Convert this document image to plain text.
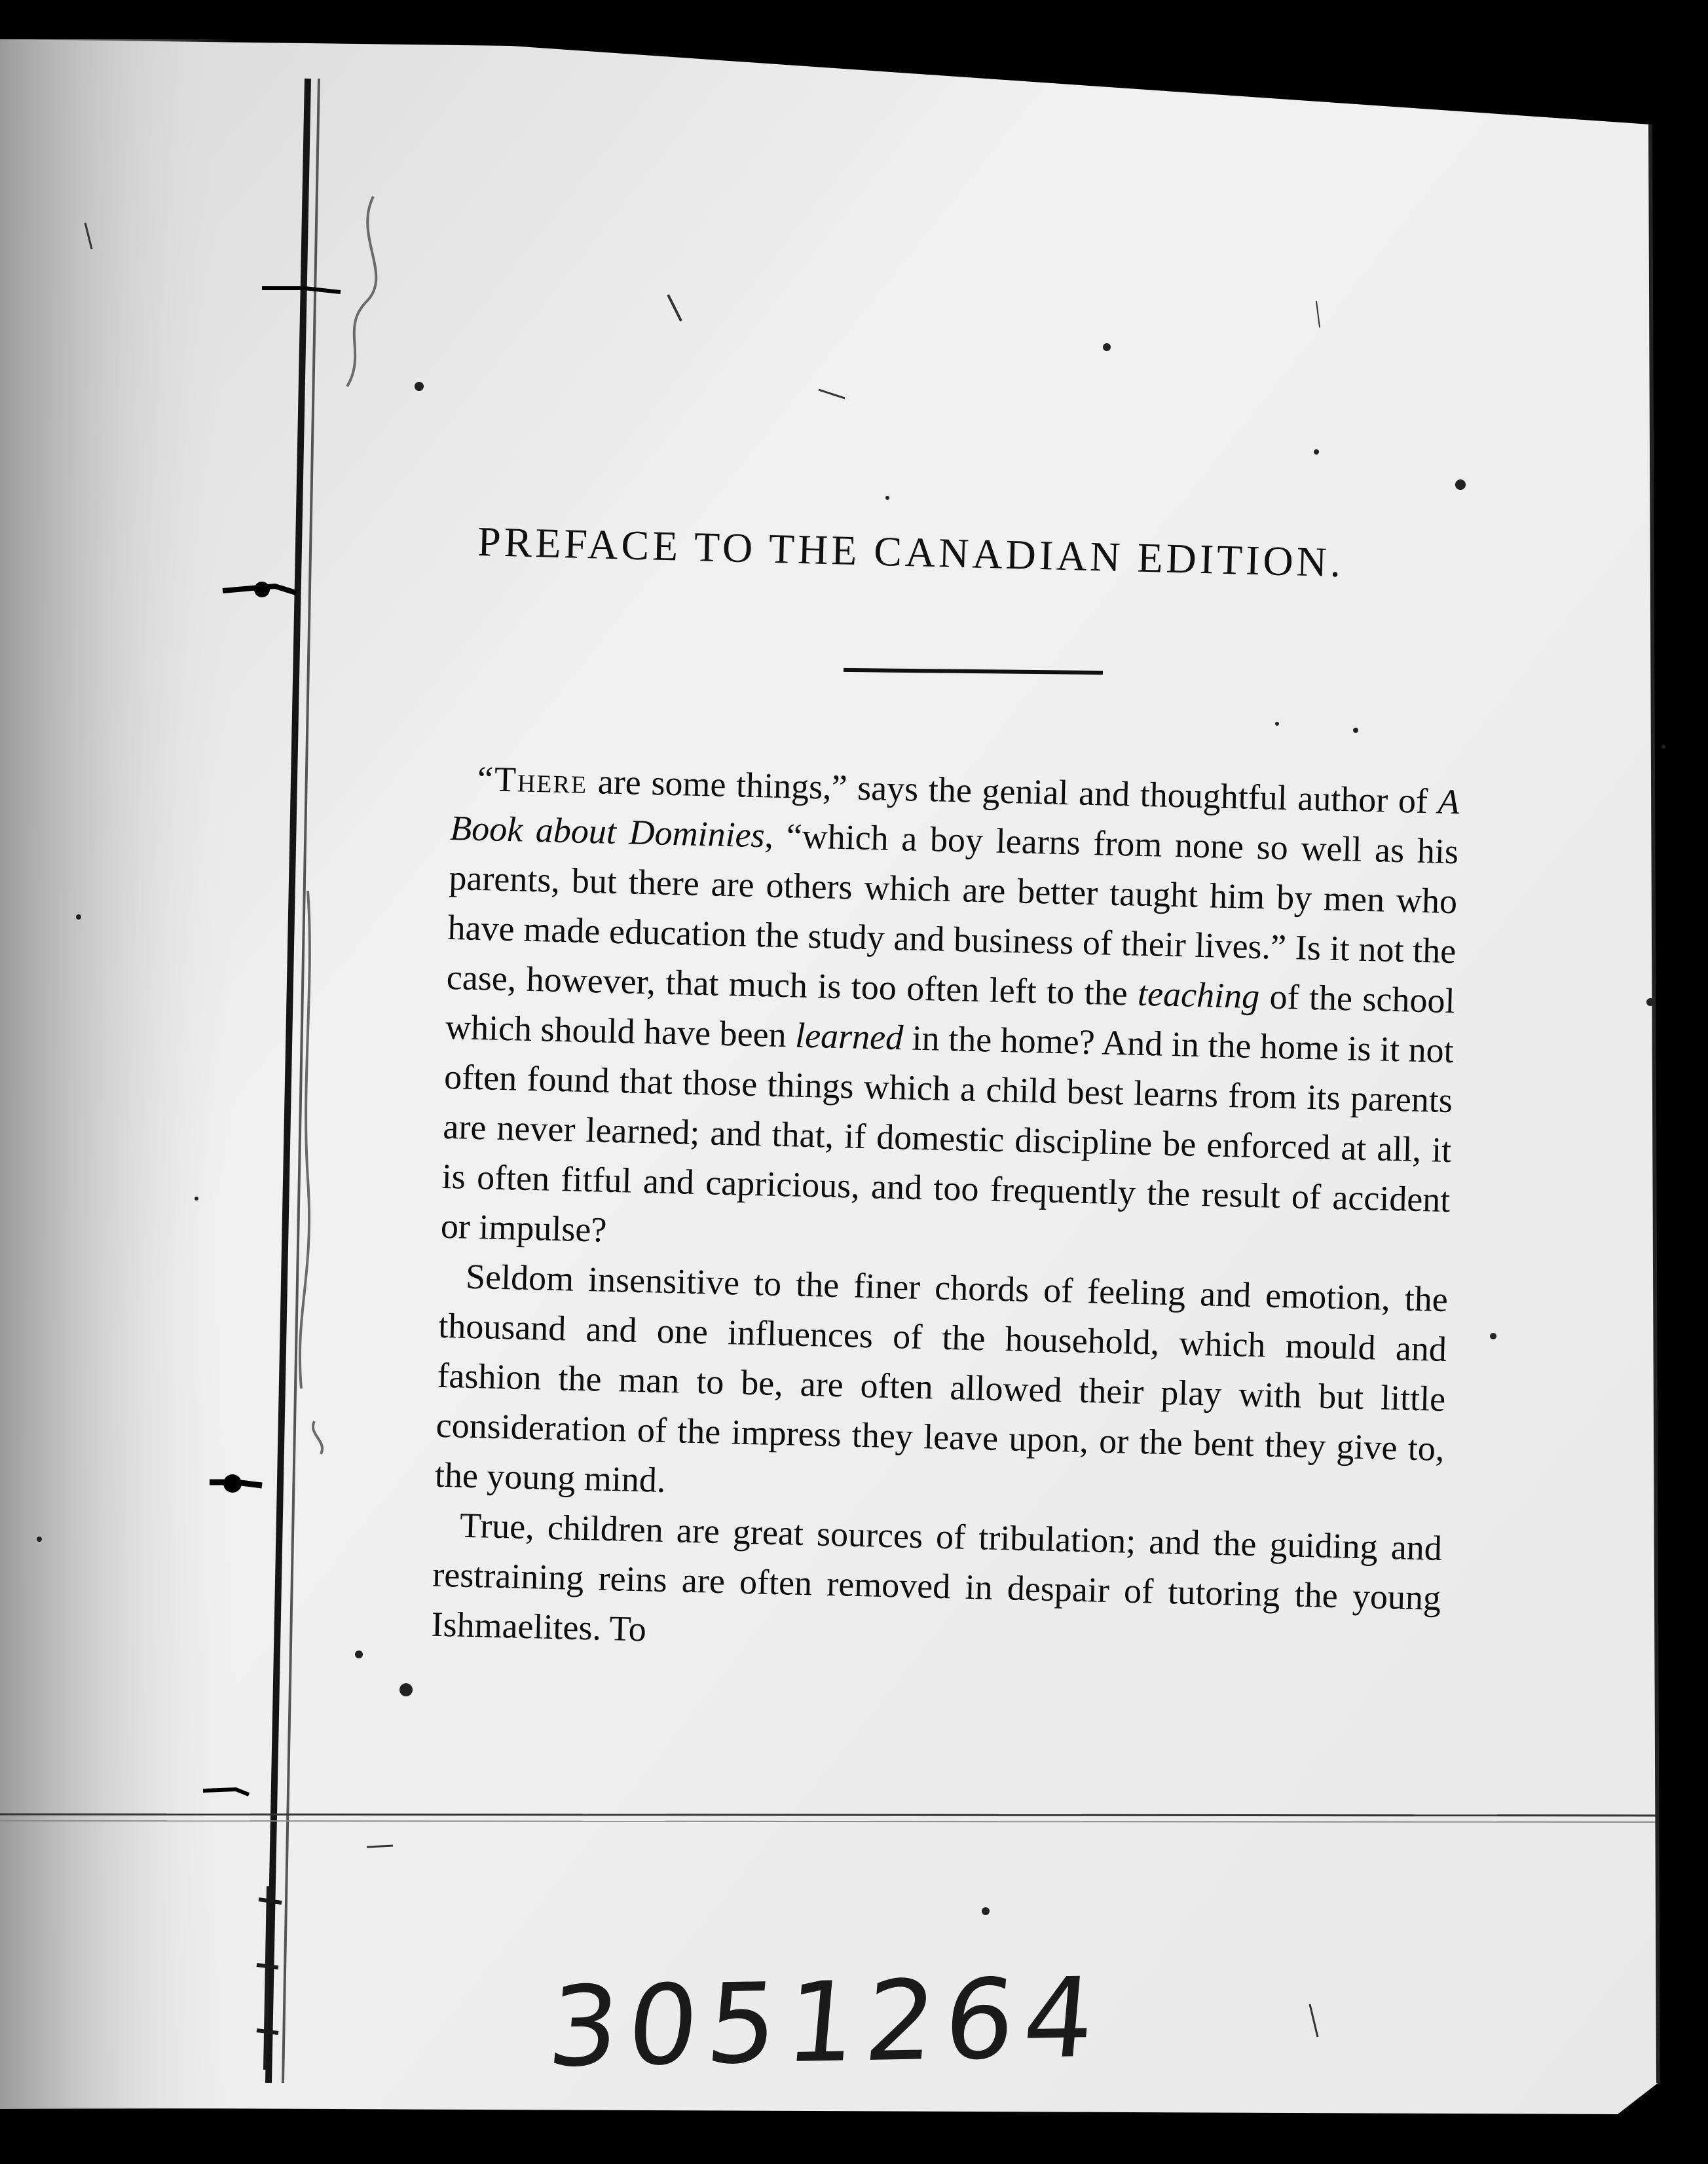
PREFACE TO THE CANADIAN EDITION.

“There are some things,” says the genial and thoughtful author of A Book about Dominies, “which a boy learns from none so well as his parents, but there are others which are better taught him by men who have made education the study and business of their lives.” Is it not the case, however, that much is too often left to the teaching of the school which should have been learned in the home? And in the home is it not often found that those things which a child best learns from its parents are never learned; and that, if domestic discipline be enforced at all, it is often fitful and capricious, and too frequently the result of accident or impulse?

Seldom insensitive to the finer chords of feeling and emotion, the thousand and one influences of the household, which mould and fashion the man to be, are often allowed their play with but little consideration of the impress they leave upon, or the bent they give to, the young mind.

True, children are great sources of tribulation; and the guiding and restraining reins are often removed in despair of tutoring the young Ishmaelites. To

3051264
